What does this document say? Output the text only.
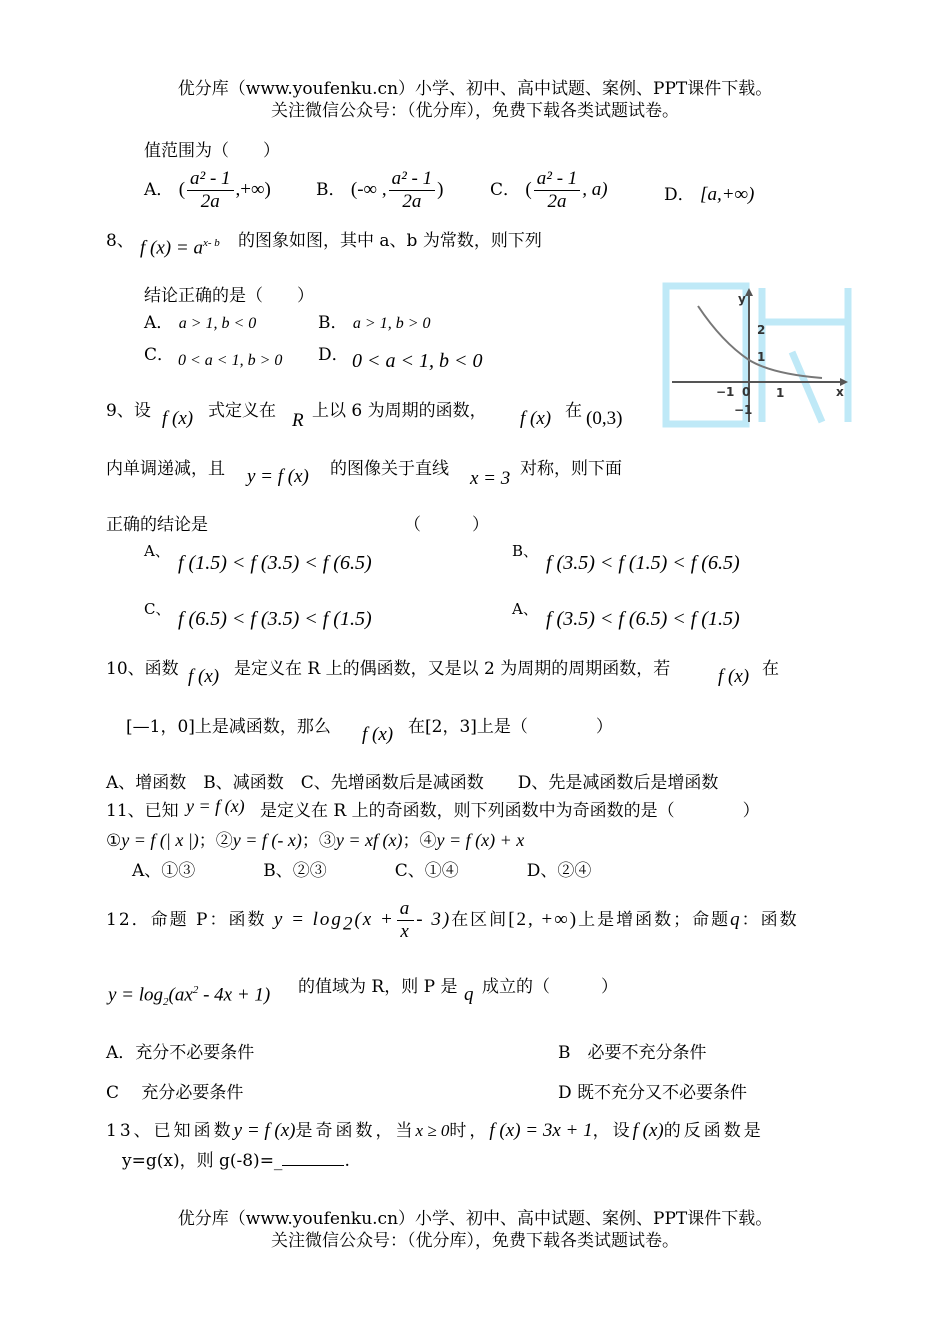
优分库（www.youfenku.cn）小学、初中、高中试题、案例、PPT课件下载。
关注微信公众号：（优分库），免费下载各类试题试卷。
值范围为（　　）
A． ( $\frac{\text{a² - 1}}{2a}$ ,+∞)	B． (-∞ , $\frac{\text{a² - 1}}{2a}$ )	C． ( $\frac{\text{a² - 1}}{2a}$ , a)	D． [a,+∞)
8、 f $(x) = a^{x- b}$ 的图象如图，其中 a、b 为常数，则下列
结论正确的是（　　）
A． a > 1, b < 0	B． a > 1, b > 0
C． 0 < a < 1, b > 0 D． 0 < a < 1, b < 0
y
x
2
1
−1 0 1
−1
9、设 f (x) 式定义在 R 上以 6 为周期的函数， f (x) 在 (0,3)
内单调递减，且 y = f (x) 的图像关于直线 x = 3 对称，则下面
正确的结论是	（　　　）
A、
f (1.5) < f (3.5) < f (6.5)
B、
f (3.5) < f (1.5) < f (6.5)
C、 f (6.5) < f (3.5) < f (1.5)	A、 f (3.5) < f (6.5) < f (1.5)
10、函数 f (x) 是定义在 R 上的偶函数，又是以 2 为周期的周期函数，若	f (x) 在
[—1，0]上是减函数，那么 f (x) 在[2，3]上是（　　　　）
A、增函数　B、减函数　C、先增函数后是减函数　　D、先是减函数后是增函数
11、已知 y = f (x) 是定义在 R 上的奇函数，则下列函数中为奇函数的是（　　　　）
①y = f (| x |)；②y = f (- x)；③y = xf (x)；④y = f (x) + x
A、①③　　　　B、②③　　　　C、①④　　　　D、②④
12．命题 P：函数 $y = \log_2(x + \frac{a}{x} - 3)$在区间[2, +∞)上是增函数；命题q：函数
$y = \log_2(ax^2 - 4x + 1)$ 的值域为 R，则 P 是 q 成立的（　　　）
A．充分不必要条件	B　必要不充分条件
C　 充分必要条件	D 既不充分又不必要条件
13、已知函数y = f (x)是奇函数，当x ≥ 0时，f (x) = 3x + 1，设f (x)的反函数是
y=g(x)，则 g(-8)=_	.
优分库（www.youfenku.cn）小学、初中、高中试题、案例、PPT课件下载。
关注微信公众号：（优分库），免费下载各类试题试卷。
